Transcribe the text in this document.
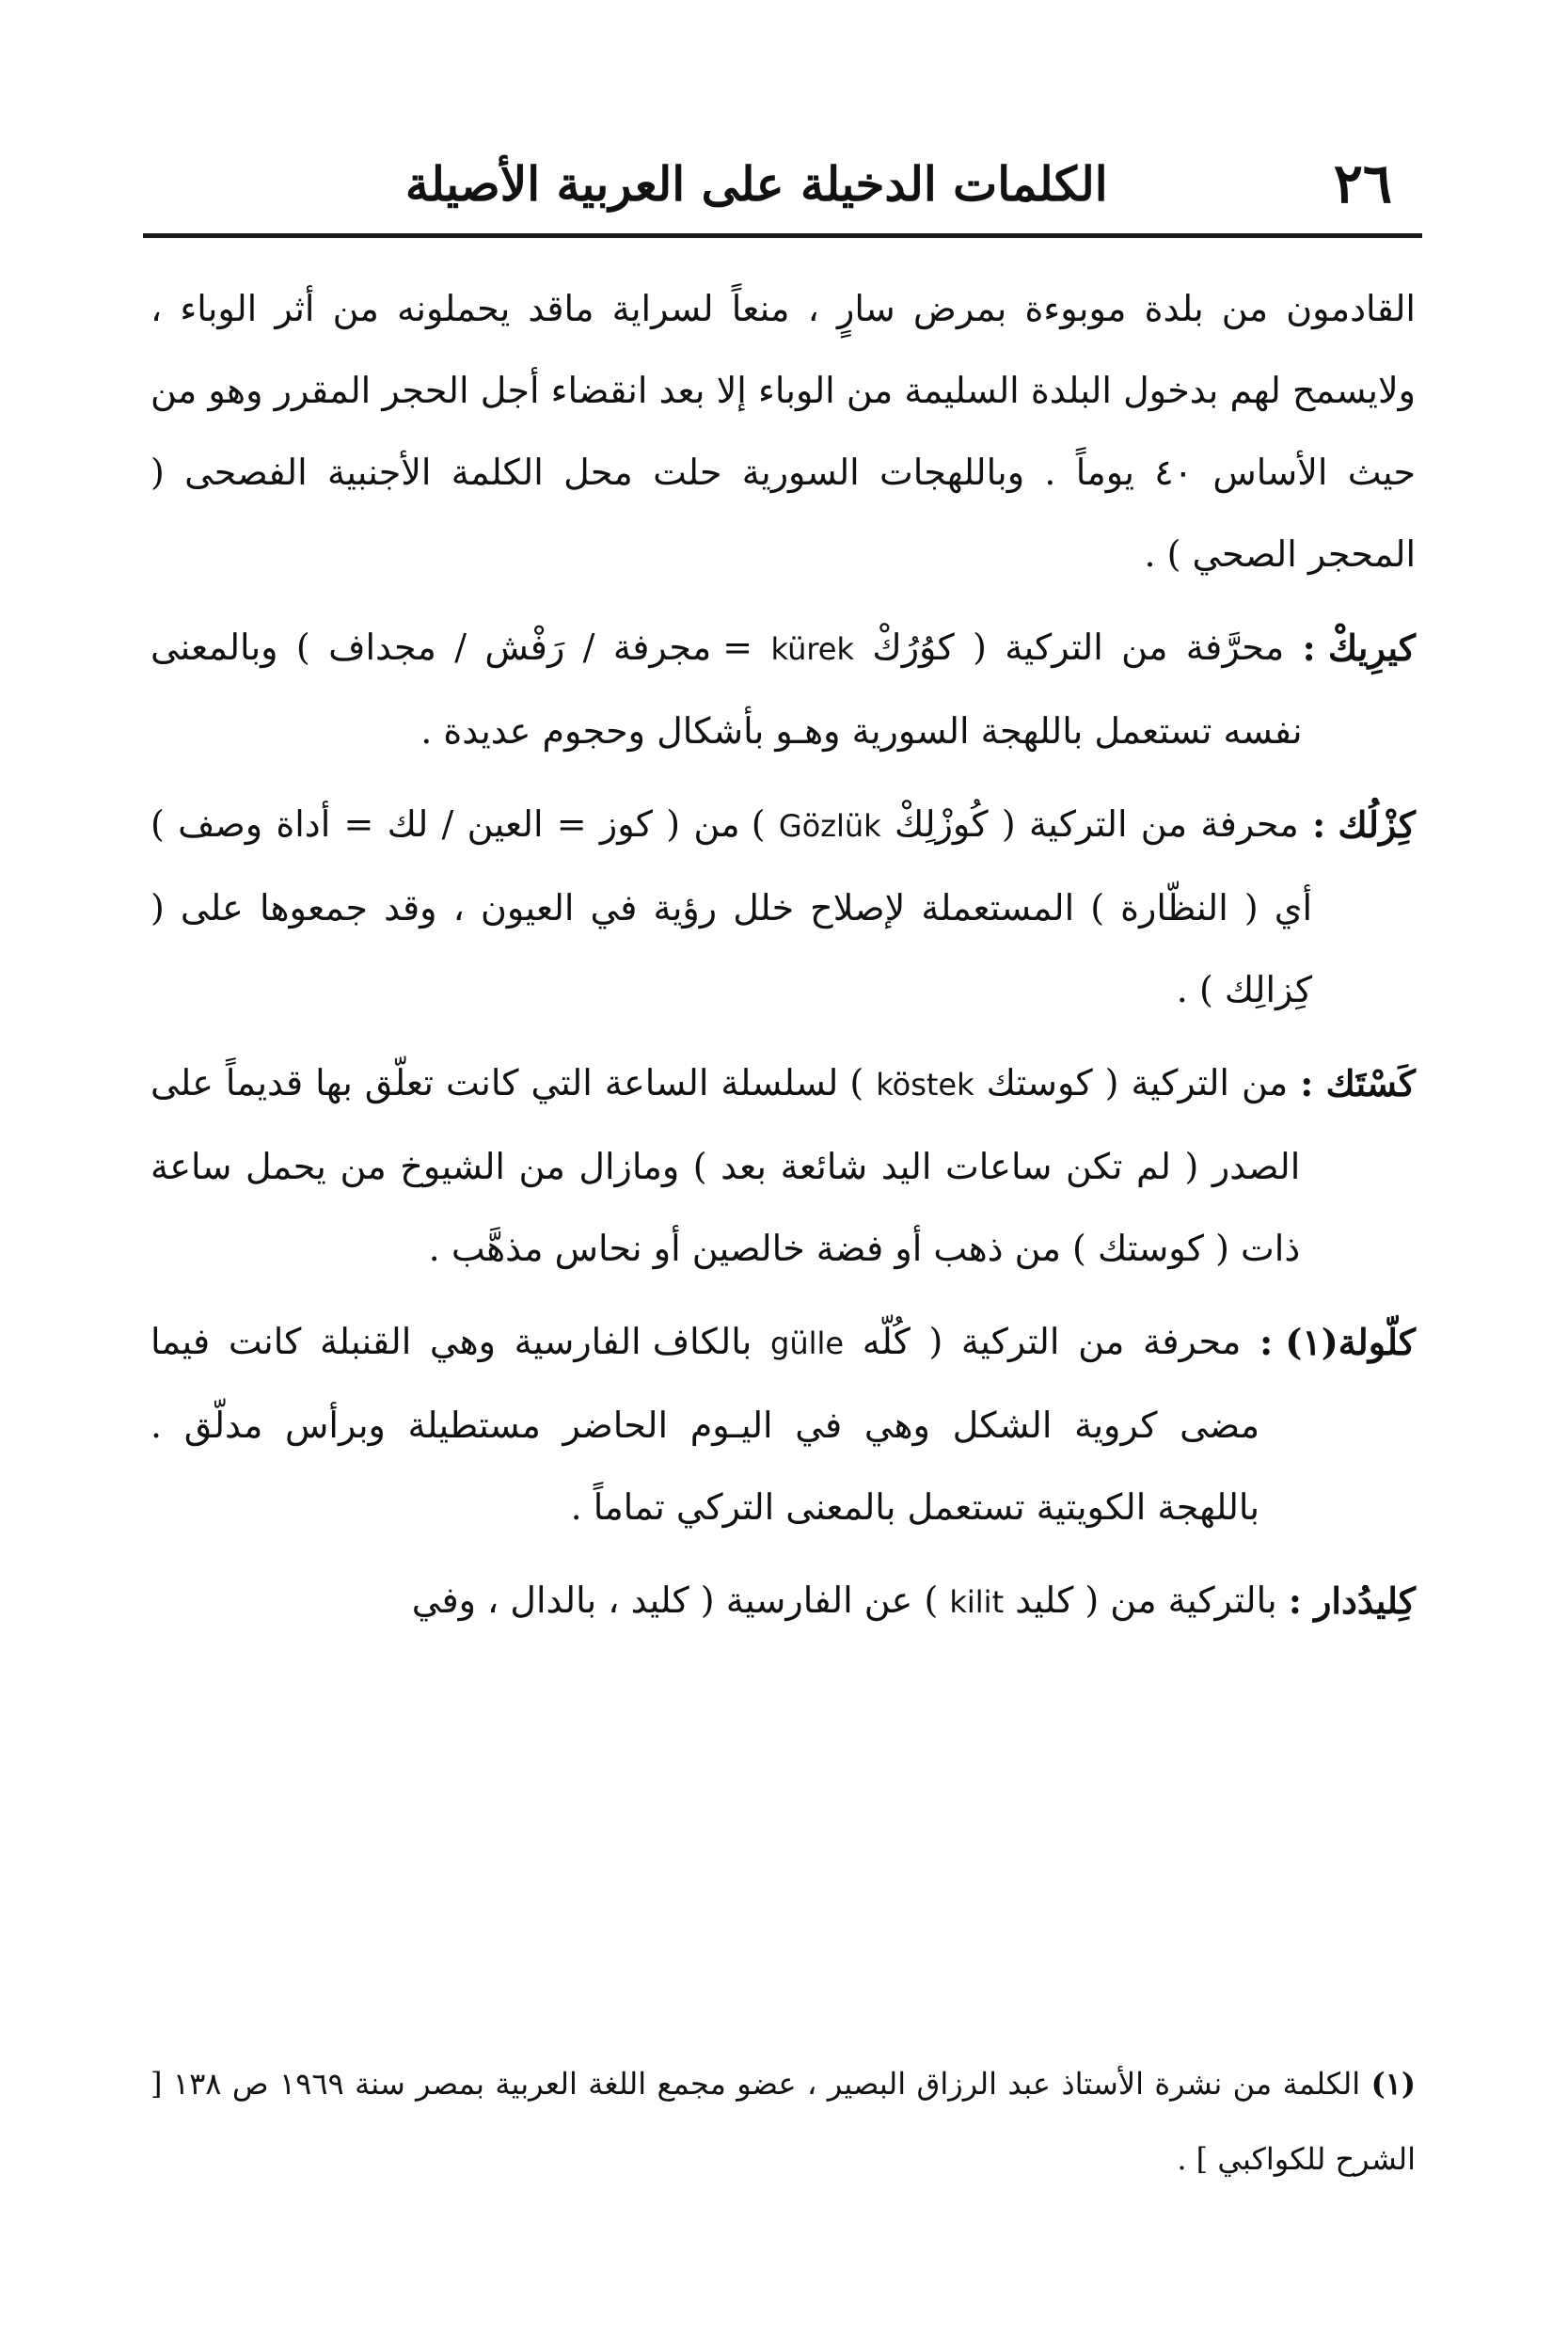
٢٦
الكلمات الدخيلة على العربية الأصيلة

القادمون من بلدة موبوءة بمرض سارٍ ، منعاً لسراية ماقد يحملونه من أثر الوباء ، ولايسمح لهم بدخول البلدة السليمة من الوباء إلا بعد انقضاء أجل الحجر المقرر وهو من حيث الأساس ٤٠ يوماً . وباللهجات السورية حلت محل الكلمة الأجنبية الفصحى ( المحجر الصحي ) .

كيرِيكْ :
محرَّفة من التركية ( كوُرُكْ kürek = مجرفة / رَفْش / مجداف ) وبالمعنى نفسه تستعمل باللهجة السورية وهـو بأشكال وحجوم عديدة .
كِزْلُك :
محرفة من التركية ( كُوزْلِكْ Gözlük ) من ( كوز = العين / لك = أداة وصف ) أي ( النظّارة ) المستعملة لإصلاح خلل رؤية في العيون ، وقد جمعوها على ( كِزالِك ) .
كَسْتَك :
من التركية ( كوستك köstek ) لسلسلة الساعة التي كانت تعلّق بها قديماً على الصدر ( لم تكن ساعات اليد شائعة بعد ) ومازال من الشيوخ من يحمل ساعة ذات ( كوستك ) من ذهب أو فضة خالصين أو نحاس مذهَّب .
كلّولة(١) :
محرفة من التركية ( كُلّه gülle بالكاف الفارسية وهي القنبلة كانت فيما مضى كروية الشكل وهي في اليـوم الحاضر مستطيلة وبرأس مدلّق . باللهجة الكويتية تستعمل بالمعنى التركي تماماً .
كِليدُدار :
بالتركية من ( كليد kilit ) عن الفارسية ( كليد ، بالدال ، وفي
(١) الكلمة من نشرة الأستاذ عبد الرزاق البصير ، عضو مجمع اللغة العربية بمصر سنة ١٩٦٩ ص ١٣٨ [ الشرح للكواكبي ] .
